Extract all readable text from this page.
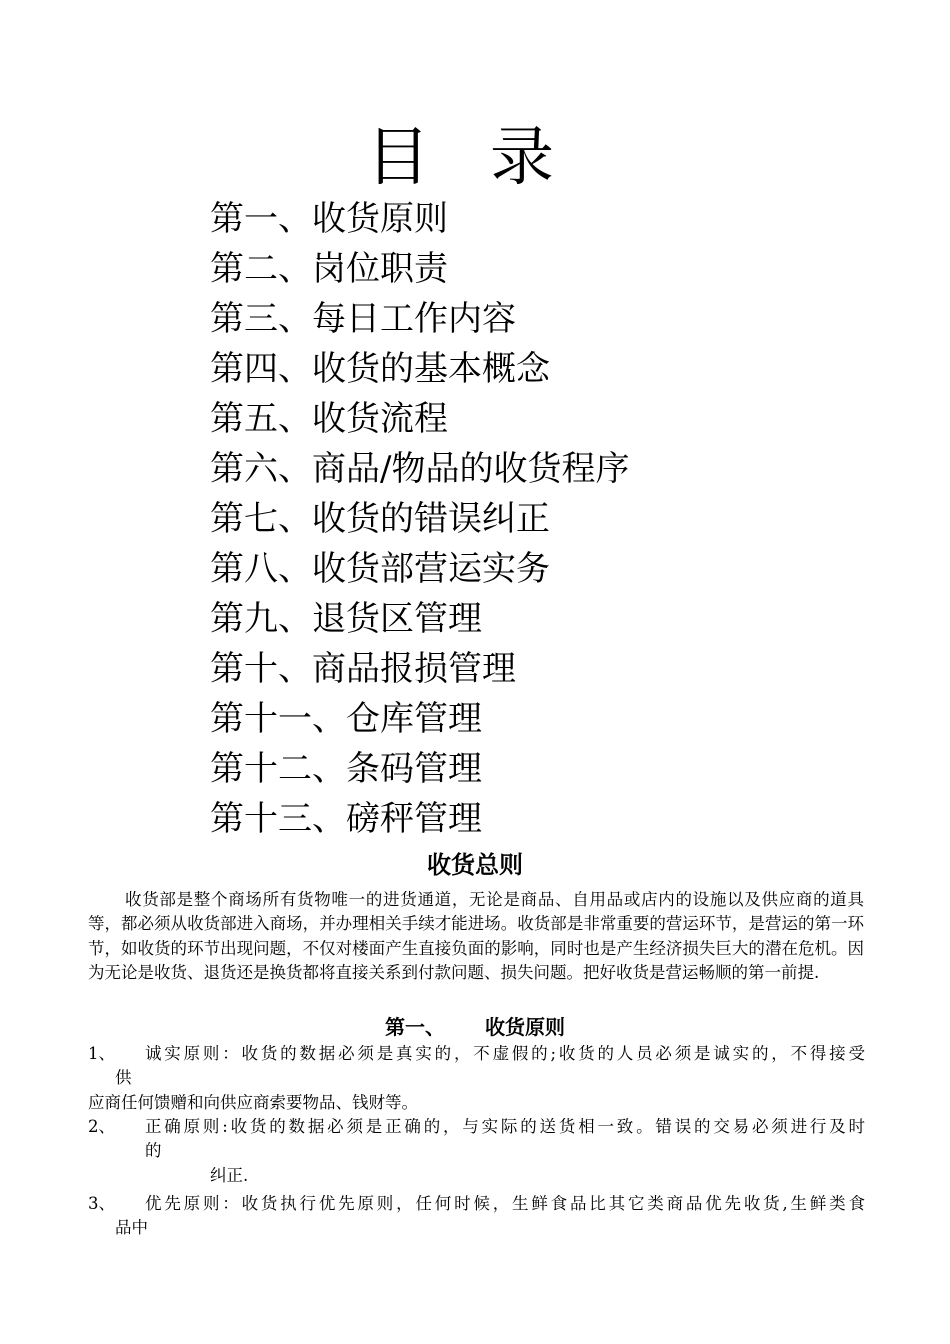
目录
第一、收货原则
第二、岗位职责
第三、每日工作内容
第四、收货的基本概念
第五、收货流程
第六、商品/物品的收货程序
第七、收货的错误纠正
第八、收货部营运实务
第九、退货区管理
第十、商品报损管理
第十一、仓库管理
第十二、条码管理
第十三、磅秤管理
收货总则

收货部是整个商场所有货物唯一的进货通道，无论是商品、自用品或店内的设施以及供应商的道具等，都必须从收货部进入商场，并办理相关手续才能进场。收货部是非常重要的营运环节，是营运的第一环节，如收货的环节出现问题，不仅对楼面产生直接负面的影响，同时也是产生经济损失巨大的潜在危机。因为无论是收货、退货还是换货都将直接关系到付款问题、损失问题。把好收货是营运畅顺的第一前提.

第一、 收货原则
1、 诚实原则：收货的数据必须是真实的，不虚假的;收货的人员必须是诚实的，不得接受
供
应商任何馈赠和向供应商索要物品、钱财等。
2、 正确原则:收货的数据必须是正确的，与实际的送货相一致。错误的交易必须进行及时
的
纠正.
3、 优先原则：收货执行优先原则，任何时候，生鲜食品比其它类商品优先收货,生鲜类食
品中
